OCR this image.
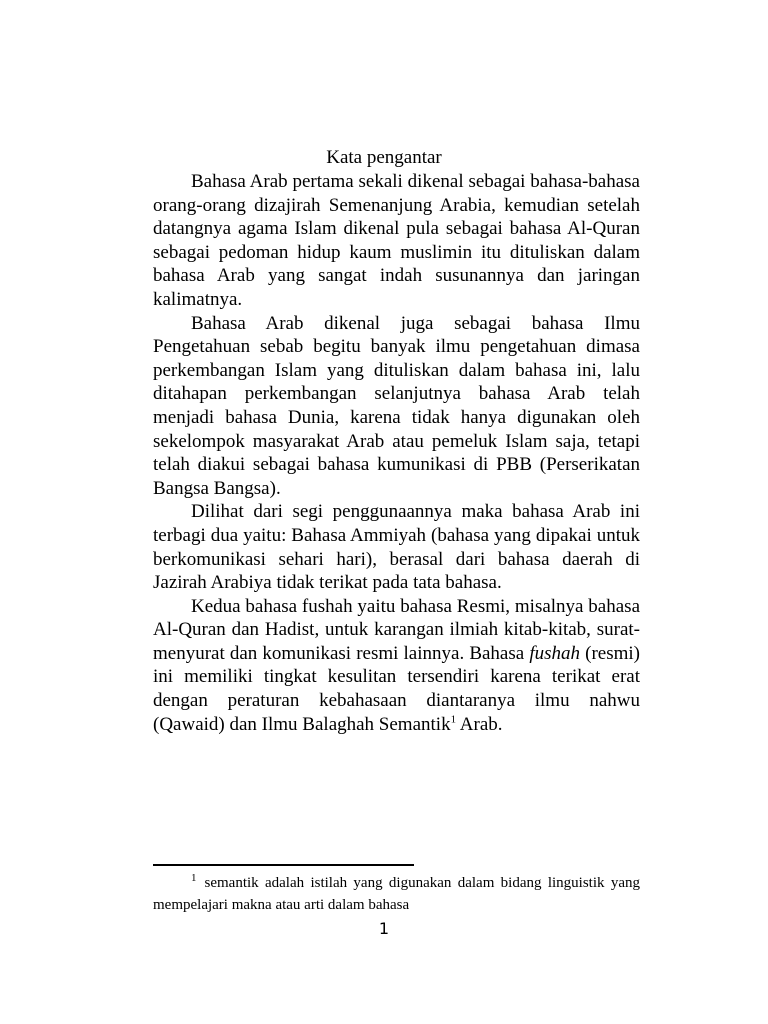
Kata pengantar

Bahasa Arab pertama sekali dikenal sebagai bahasa-bahasa orang-orang dizajirah Semenanjung Arabia, kemudian setelah datangnya agama Islam dikenal pula sebagai bahasa Al-Quran sebagai pedoman hidup kaum muslimin itu dituliskan dalam bahasa Arab yang sangat indah susunannya dan jaringan kalimatnya.

Bahasa Arab dikenal juga sebagai bahasa Ilmu Pengetahuan sebab begitu banyak ilmu pengetahuan dimasa perkembangan Islam yang dituliskan dalam bahasa ini, lalu ditahapan perkembangan selanjutnya bahasa Arab telah menjadi bahasa Dunia, karena tidak hanya digunakan oleh sekelompok masyarakat Arab atau pemeluk Islam saja, tetapi telah diakui sebagai bahasa kumunikasi di PBB (Perserikatan Bangsa Bangsa).

Dilihat dari segi penggunaannya maka bahasa Arab ini terbagi dua yaitu: Bahasa Ammiyah (bahasa yang dipakai untuk berkomunikasi sehari hari), berasal dari bahasa daerah di Jazirah Arabiya tidak terikat pada tata bahasa.

Kedua bahasa fushah yaitu bahasa Resmi, misalnya bahasa Al-Quran dan Hadist, untuk karangan ilmiah kitab-kitab, surat-menyurat dan komunikasi resmi lainnya. Bahasa fushah (resmi) ini memiliki tingkat kesulitan tersendiri karena terikat erat dengan peraturan kebahasaan diantaranya ilmu nahwu (Qawaid) dan Ilmu Balaghah Semantik$^1$ Arab.

1 semantik adalah istilah yang digunakan dalam bidang linguistik yang mempelajari makna atau arti dalam bahasa

1
